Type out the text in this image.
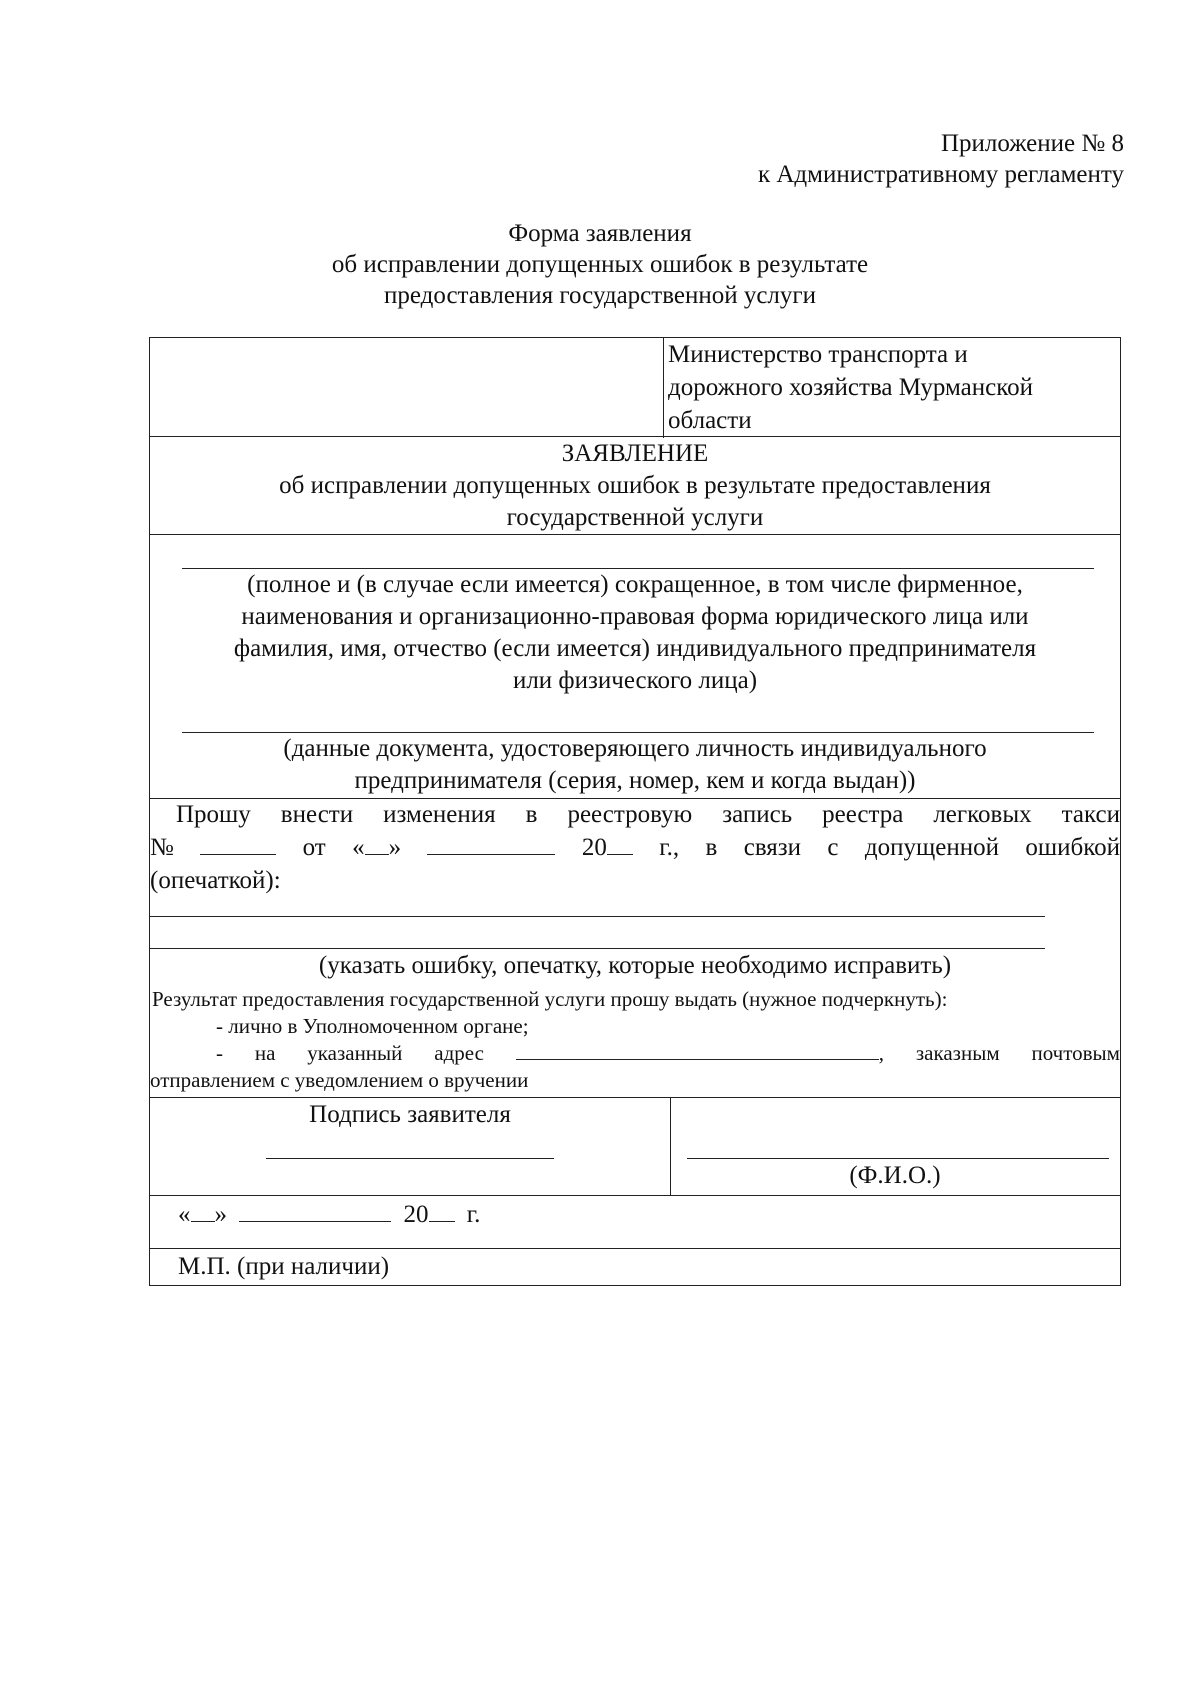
Приложение № 8
к Административному регламенту
Форма заявления
об исправлении допущенных ошибок в результате
предоставления государственной услуги
Министерство транспорта и
дорожного хозяйства Мурманской
области
ЗАЯВЛЕНИЕ
об исправлении допущенных ошибок в результате предоставления
государственной услуги
(полное и (в случае если имеется) сокращенное, в том числе фирменное,
наименования и организационно-правовая форма юридического лица или
фамилия, имя, отчество (если имеется) индивидуального предпринимателя
или физического лица)
(данные документа, удостоверяющего личность индивидуального
предпринимателя (серия, номер, кем и когда выдан))
Прошу внести изменения в реестровую запись реестра легковых такси
№	от « »	20	г., в связи с допущенной ошибкой
(опечаткой):
(указать ошибку, опечатку, которые необходимо исправить)
Результат предоставления государственной услуги прошу выдать (нужное подчеркнуть):
- лично в Уполномоченном органе;
- на указанный адрес	, заказным почтовым
отправлением с уведомлением о вручении
Подпись заявителя
(Ф.И.О.)
« »	20 г.
М.П. (при наличии)
